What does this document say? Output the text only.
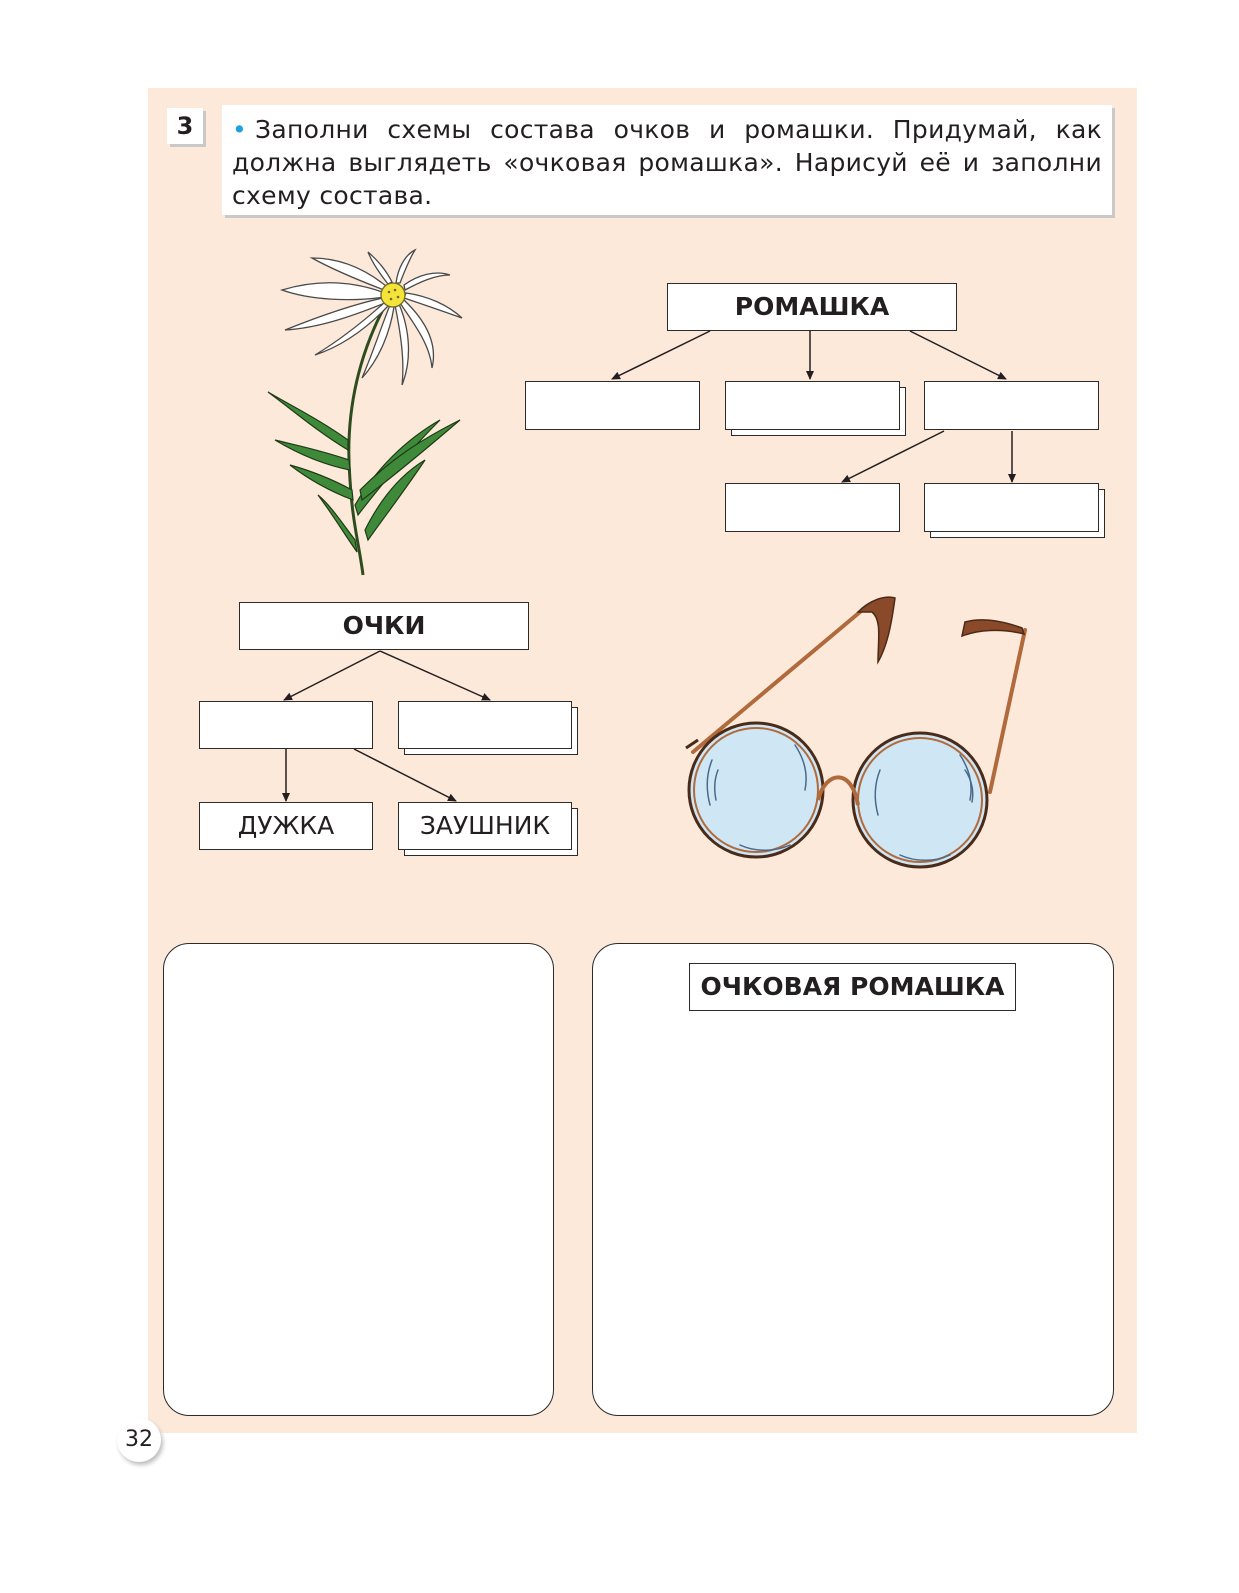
3	• Заполни схемы состава очков и ромашки. Придумай, как должна выглядеть «очковая ромашка». Нарисуй её и заполни схему состава.
РОМАШКА
ОЧКИ
ДУЖКА	ЗАУШНИК
ОЧКОВАЯ РОМАШКА
32
